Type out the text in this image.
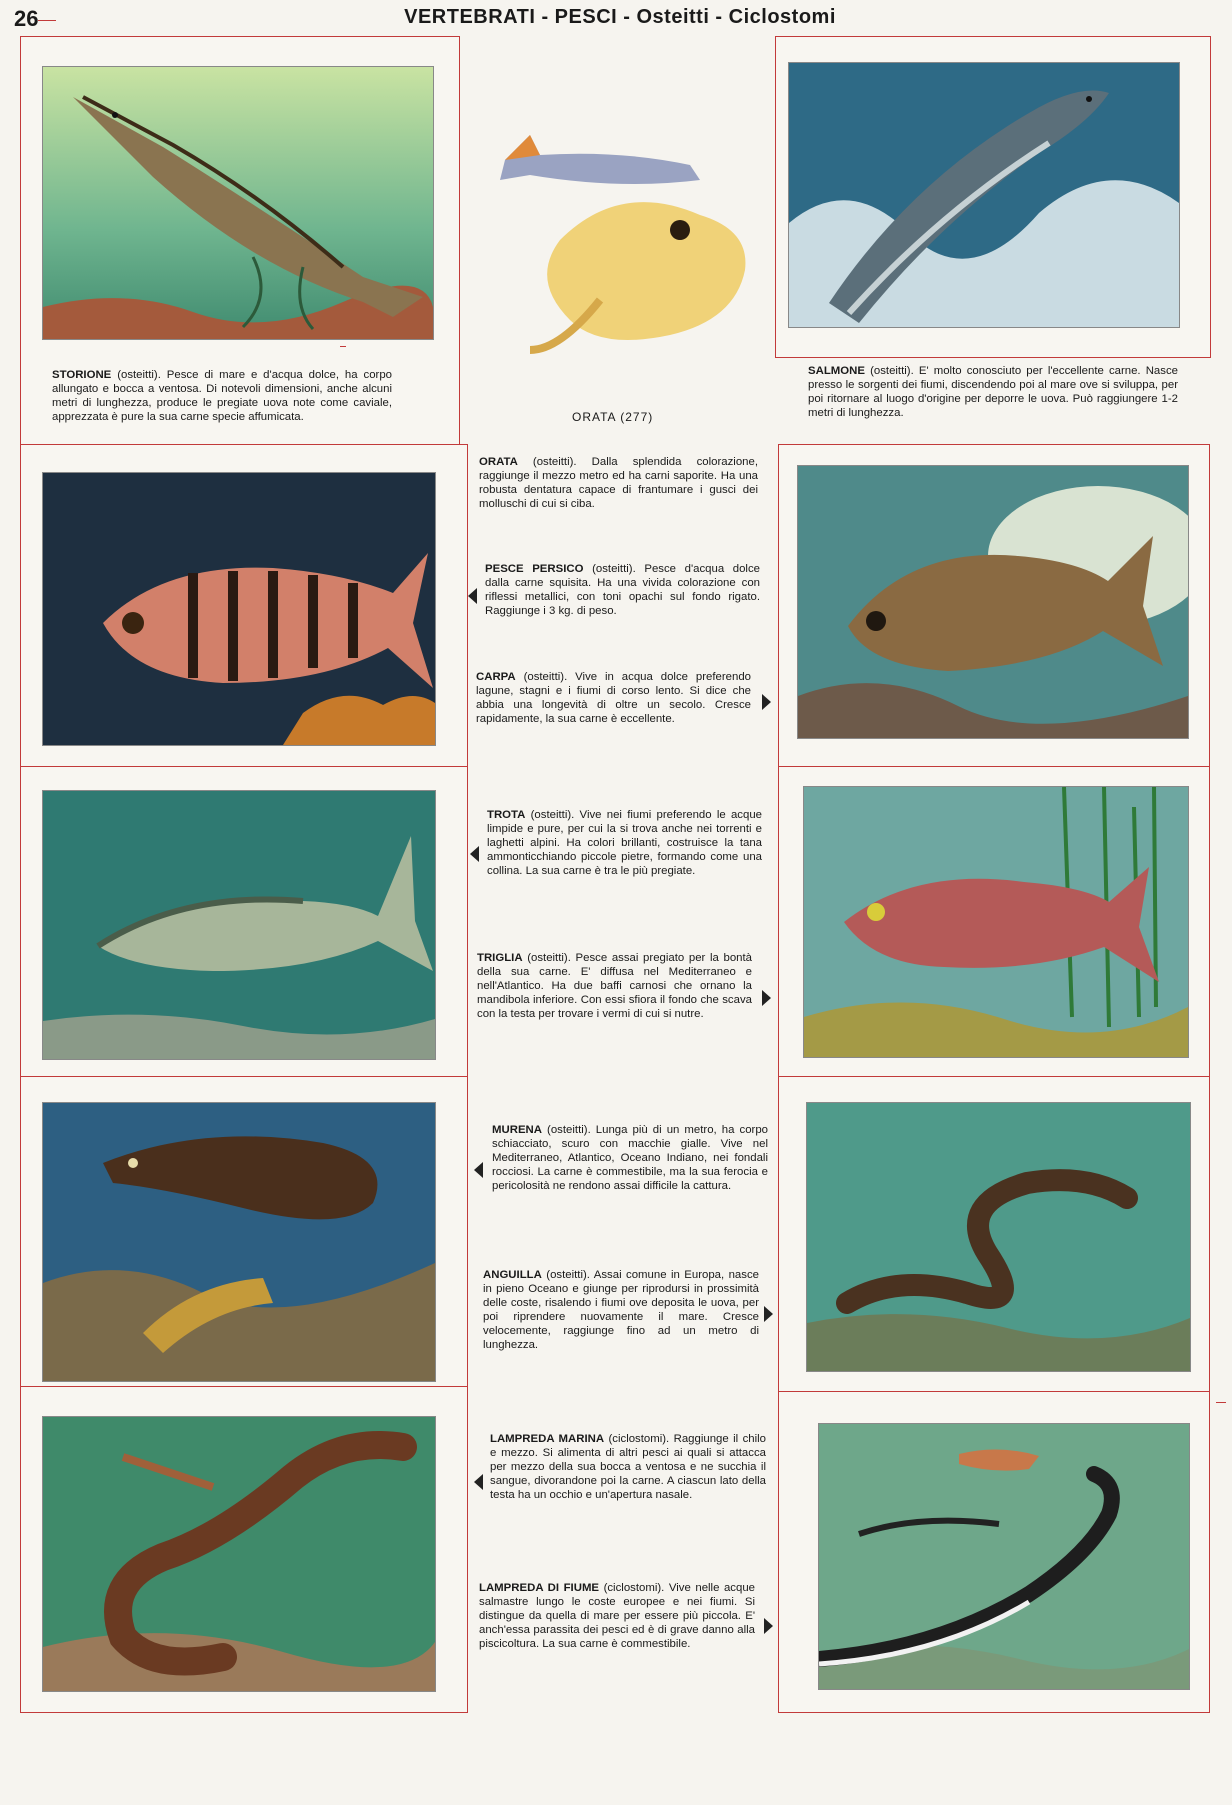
26	VERTEBRATI - PESCI - Osteitti - Ciclostomi
STORIONE (osteitti). Pesce di mare e d'acqua dolce, ha corpo allungato e bocca a ventosa. Di notevoli dimensioni, anche alcuni metri di lunghezza, produce le pregiate uova note come caviale, apprezzata è pure la sua carne specie affumicata.	ORATA (277)
SALMONE (osteitti). E' molto conosciuto per l'eccellente carne. Nasce presso le sorgenti dei fiumi, discendendo poi al mare ove si sviluppa, per poi ritornare al luogo d'origine per deporre le uova. Può raggiungere 1-2 metri di lunghezza.
ORATA (osteitti). Dalla splendida colorazione, raggiunge il mezzo metro ed ha carni saporite. Ha una robusta dentatura capace di frantumare i gusci dei molluschi di cui si ciba.
PESCE PERSICO (osteitti). Pesce d'acqua dolce dalla carne squisita. Ha una vivida colorazione con riflessi metallici, con toni opachi sul fondo rigato. Raggiunge i 3 kg. di peso.
CARPA (osteitti). Vive in acqua dolce preferendo lagune, stagni e i fiumi di corso lento. Si dice che abbia una longevità di oltre un secolo. Cresce rapidamente, la sua carne è eccellente.
TROTA (osteitti). Vive nei fiumi preferendo le acque limpide e pure, per cui la si trova anche nei torrenti e laghetti alpini. Ha colori brillanti, costruisce la tana ammonticchiando piccole pietre, formando come una collina. La sua carne è tra le più pregiate.
TRIGLIA (osteitti). Pesce assai pregiato per la bontà della sua carne. E' diffusa nel Mediterraneo e nell'Atlantico. Ha due baffi carnosi che ornano la mandibola inferiore. Con essi sfiora il fondo che scava con la testa per trovare i vermi di cui si nutre.
MURENA (osteitti). Lunga più di un metro, ha corpo schiacciato, scuro con macchie gialle. Vive nel Mediterraneo, Atlantico, Oceano Indiano, nei fondali rocciosi. La carne è commestibile, ma la sua ferocia e pericolosità ne rendono assai difficile la cattura.
ANGUILLA (osteitti). Assai comune in Europa, nasce in pieno Oceano e giunge per riprodursi in prossimità delle coste, risalendo i fiumi ove deposita le uova, per poi riprendere nuovamente il mare. Cresce velocemente, raggiunge fino ad un metro di lunghezza.
LAMPREDA MARINA (ciclostomi). Raggiunge il chilo e mezzo. Si alimenta di altri pesci ai quali si attacca per mezzo della sua bocca a ventosa e ne succhia il sangue, divorandone poi la carne. A ciascun lato della testa ha un occhio e un'apertura nasale.
LAMPREDA DI FIUME (ciclostomi). Vive nelle acque salmastre lungo le coste europee e nei fiumi. Si distingue da quella di mare per essere più piccola. E' anch'essa parassita dei pesci ed è di grave danno alla piscicoltura. La sua carne è commestibile.
